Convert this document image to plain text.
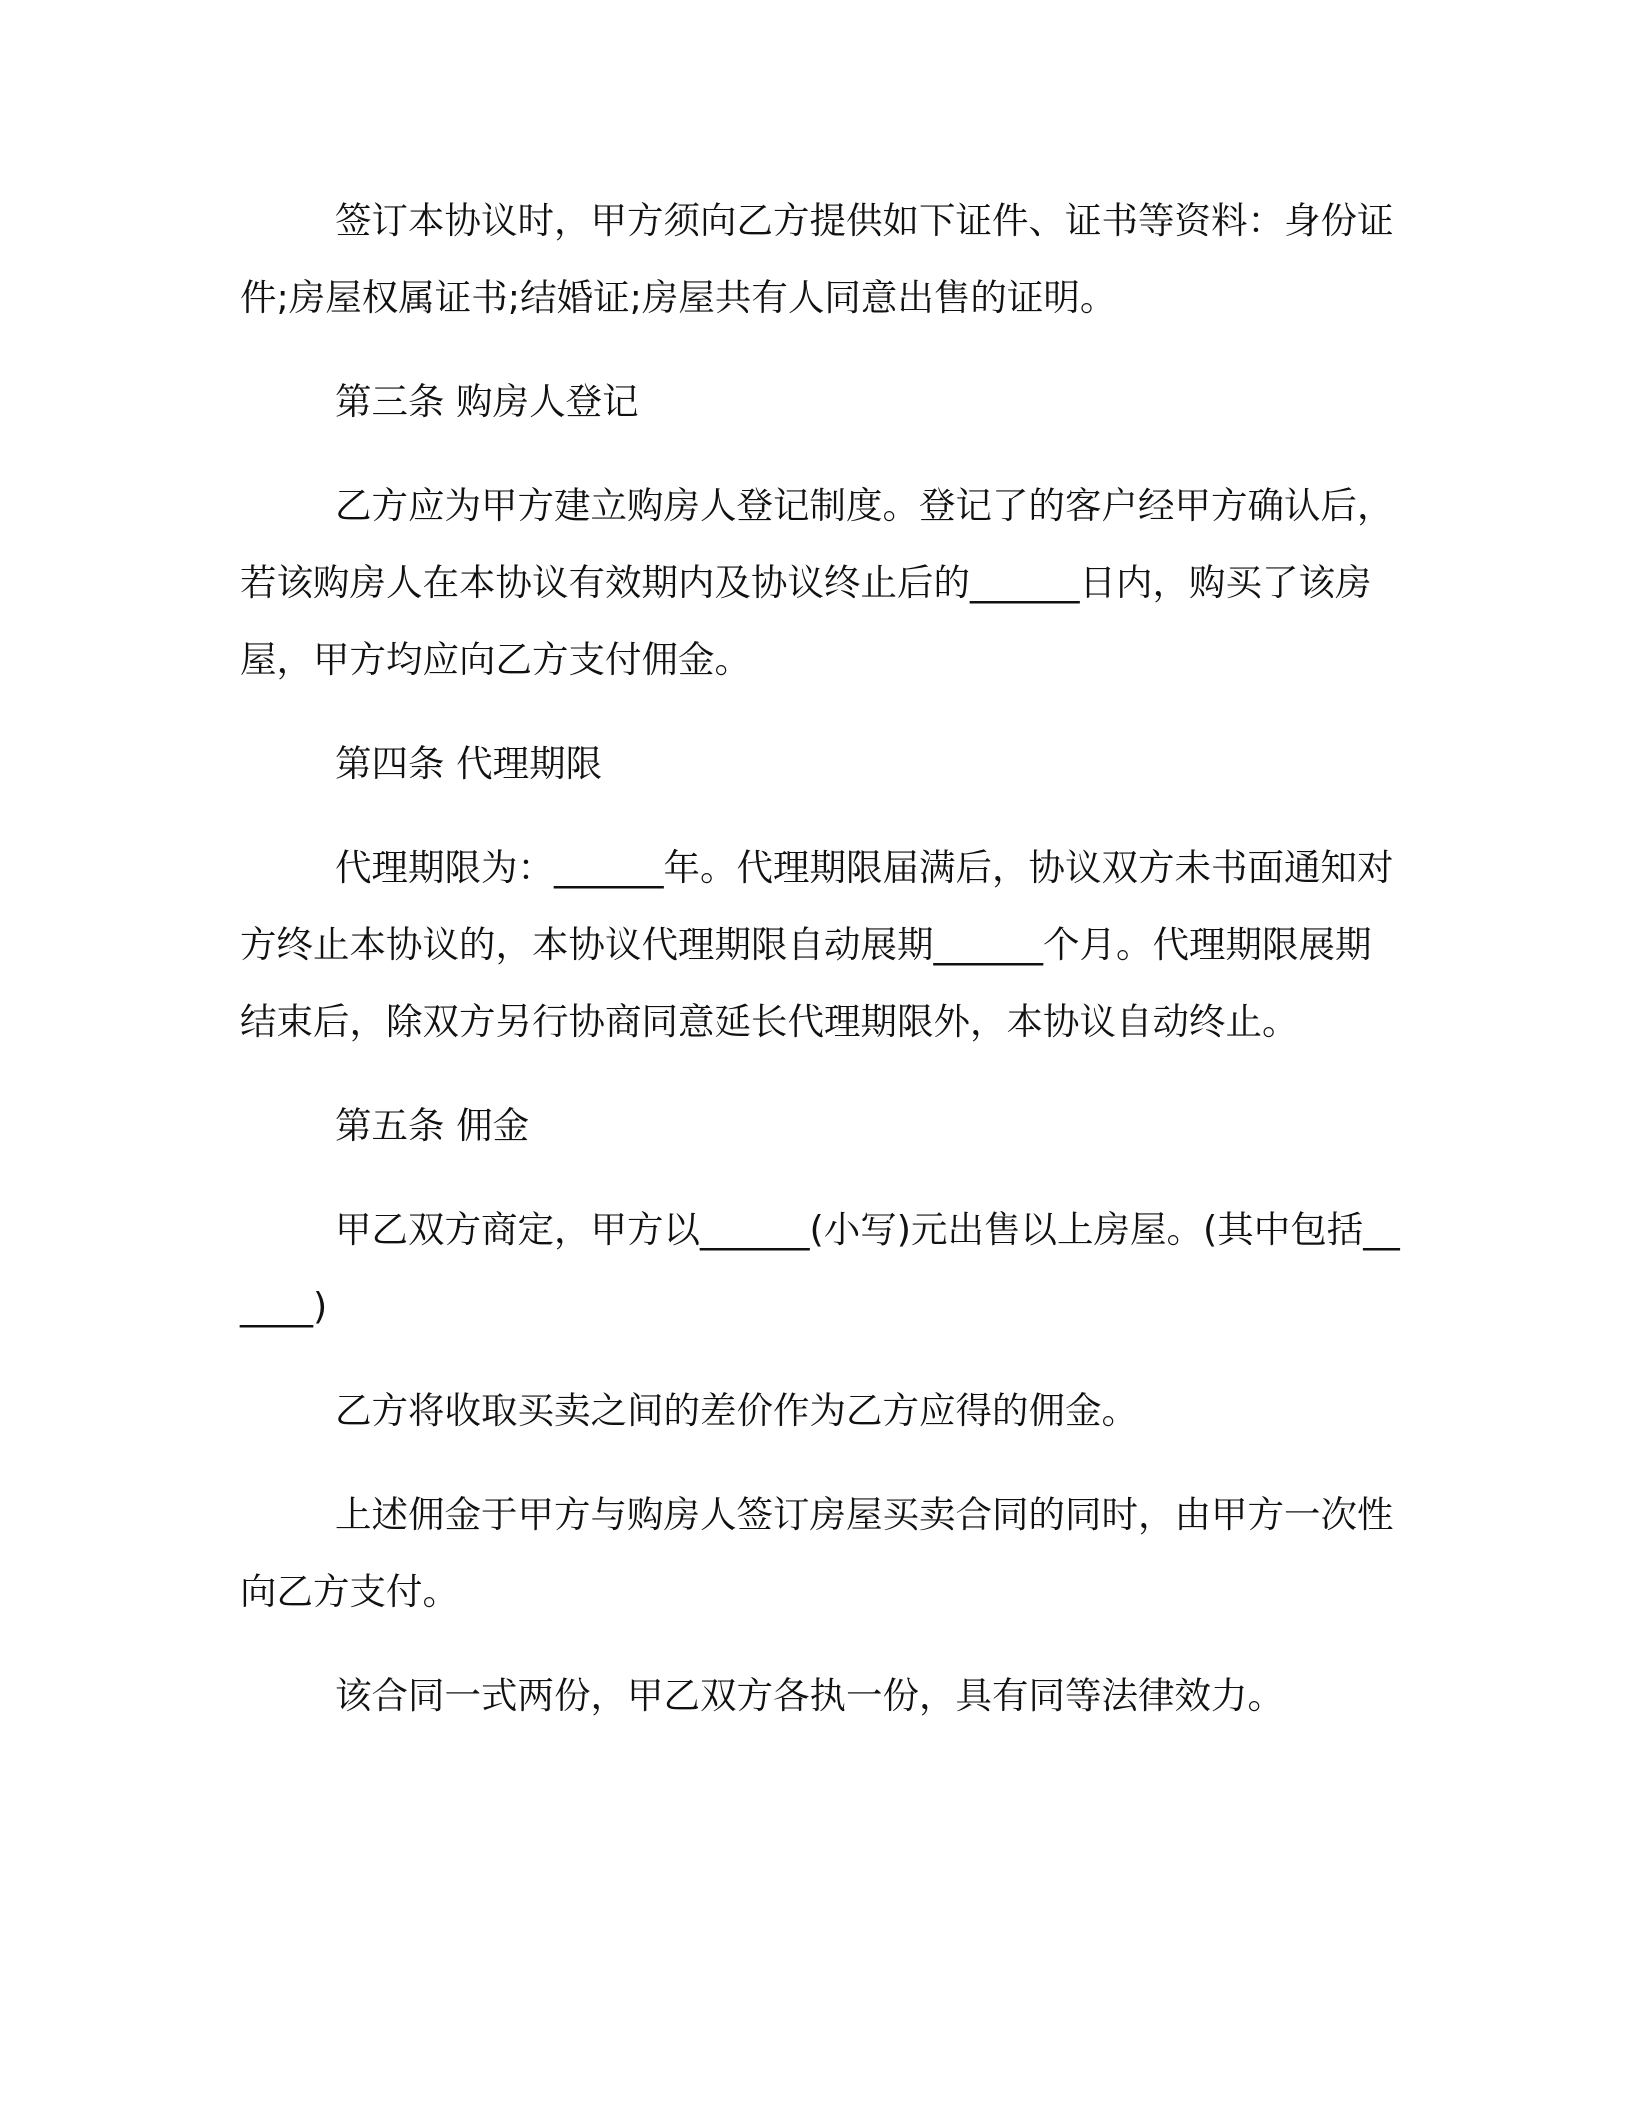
签订本协议时，甲方须向乙方提供如下证件、证书等资料：身份证件;房屋权属证书;结婚证;房屋共有人同意出售的证明。

第三条 购房人登记

乙方应为甲方建立购房人登记制度。登记了的客户经甲方确认后，若该购房人在本协议有效期内及协议终止后的______日内，购买了该房屋，甲方均应向乙方支付佣金。

第四条 代理期限

代理期限为：______年。代理期限届满后，协议双方未书面通知对方终止本协议的，本协议代理期限自动展期______个月。代理期限展期结束后，除双方另行协商同意延长代理期限外，本协议自动终止。

第五条 佣金

甲乙双方商定，甲方以______(小写)元出售以上房屋。(其中包括______)

乙方将收取买卖之间的差价作为乙方应得的佣金。

上述佣金于甲方与购房人签订房屋买卖合同的同时，由甲方一次性向乙方支付。

该合同一式两份，甲乙双方各执一份，具有同等法律效力。
